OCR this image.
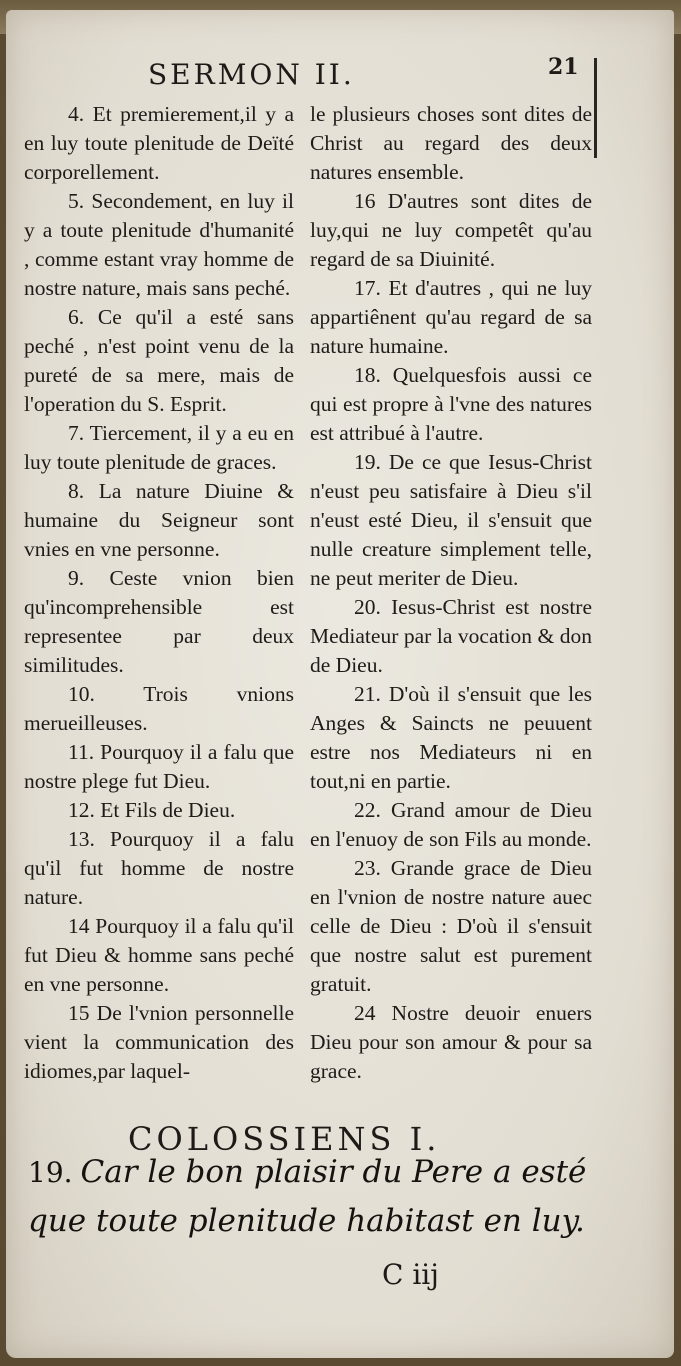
SERMON II.	21
4. Et premierement,il y a en luy toute plenitude de Deïté corporellement.
5. Secondement, en luy il y a toute plenitude d'humanité , comme estant vray homme de nostre nature, mais sans peché.
6. Ce qu'il a esté sans peché , n'est point venu de la pureté de sa mere, mais de l'operation du S. Esprit.
7. Tiercement, il y a eu en luy toute plenitude de graces.
8. La nature Diuine & humaine du Seigneur sont vnies en vne personne.
9. Ceste vnion bien qu'incomprehensible est representee par deux similitudes.
10. Trois vnions merueilleuses.
11. Pourquoy il a falu que nostre plege fut Dieu.
12. Et Fils de Dieu.
13. Pourquoy il a falu qu'il fut homme de nostre nature.
14 Pourquoy il a falu qu'il fut Dieu & homme sans peché en vne personne.
15 De l'vnion personnelle vient la communication des idiomes,par laquel-
le plusieurs choses sont dites de Christ au regard des deux natures ensemble.
16 D'autres sont dites de luy,qui ne luy competêt qu'au regard de sa Diuinité.
17. Et d'autres , qui ne luy appartiênent qu'au regard de sa nature humaine.
18. Quelquesfois aussi ce qui est propre à l'vne des natures est attribué à l'autre.
19. De ce que Iesus-Christ n'eust peu satisfaire à Dieu s'il n'eust esté Dieu, il s'ensuit que nulle creature simplement telle, ne peut meriter de Dieu.
20. Iesus-Christ est nostre Mediateur par la vocation & don de Dieu.
21. D'où il s'ensuit que les Anges & Saincts ne peuuent estre nos Mediateurs ni en tout,ni en partie.
22. Grand amour de Dieu en l'enuoy de son Fils au monde.
23. Grande grace de Dieu en l'vnion de nostre nature auec celle de Dieu : D'où il s'ensuit que nostre salut est purement gratuit.
24 Nostre deuoir enuers Dieu pour son amour & pour sa grace.
COLOSSIENS I.
19. Car le bon plaisir du Pere a esté que toute plenitude habitast en luy.
C iij
